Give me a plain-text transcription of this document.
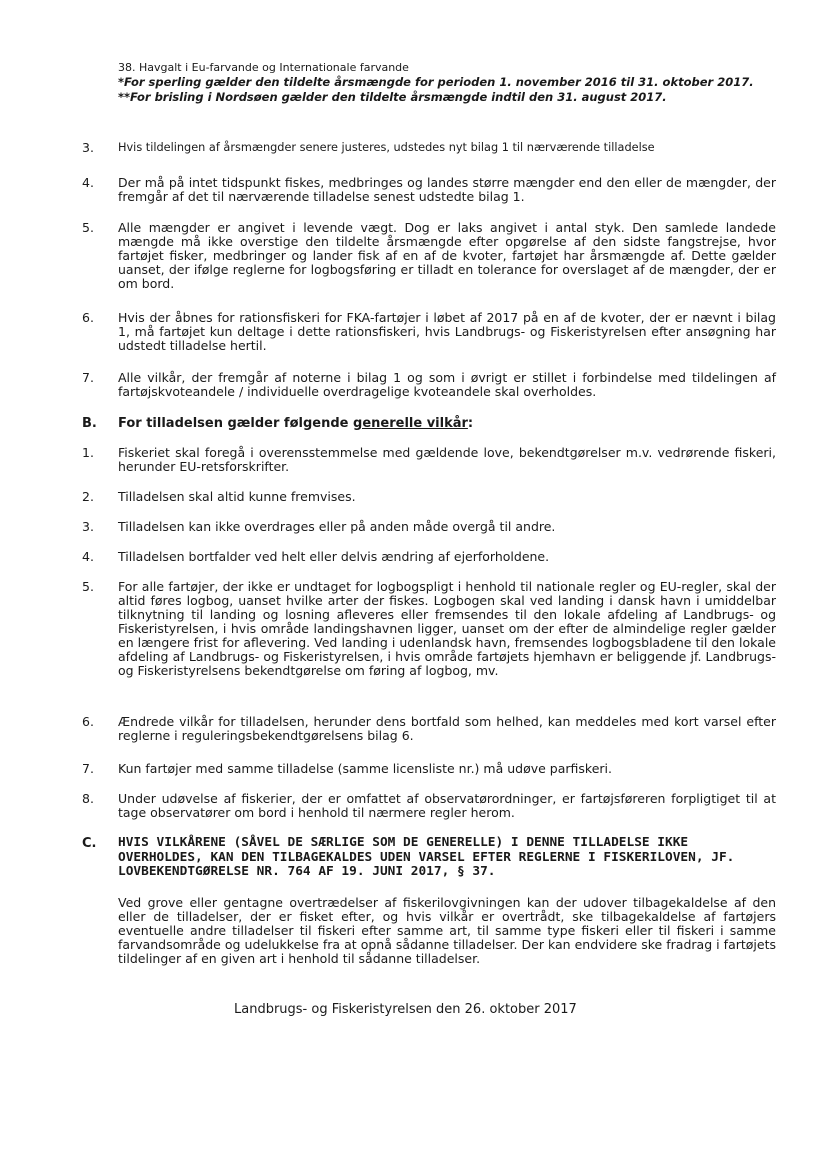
38. Havgalt i Eu-farvande og Internationale farvande
*For sperling gælder den tildelte årsmængde for perioden 1. november 2016 til 31. oktober 2017.
**For brisling i Nordsøen gælder den tildelte årsmængde indtil den 31. august 2017.
3.	Hvis tildelingen af årsmængder senere justeres, udstedes nyt bilag 1 til nærværende tilladelse
4.	Der må på intet tidspunkt fiskes, medbringes og landes større mængder end den eller de mængder, der fremgår af det til nærværende tilladelse senest udstedte bilag 1.
5.	Alle mængder er angivet i levende vægt. Dog er laks angivet i antal styk. Den samlede landede mængde må ikke overstige den tildelte årsmængde efter opgørelse af den sidste fangstrejse, hvor fartøjet fisker, medbringer og lander fisk af en af de kvoter, fartøjet har årsmængde af. Dette gælder uanset, der ifølge reglerne for logbogsføring er tilladt en tolerance for overslaget af de mængder, der er om bord.
6.	Hvis der åbnes for rationsfiskeri for FKA-fartøjer i løbet af 2017 på en af de kvoter, der er nævnt i bilag 1, må fartøjet kun deltage i dette rationsfiskeri, hvis Landbrugs- og Fiskeristyrelsen efter ansøgning har udstedt tilladelse hertil.
7.	Alle vilkår, der fremgår af noterne i bilag 1 og som i øvrigt er stillet i forbindelse med tildelingen af fartøjskvoteandele / individuelle overdragelige kvoteandele skal overholdes.
B.	For tilladelsen gælder følgende generelle vilkår:
1.	Fiskeriet skal foregå i overensstemmelse med gældende love, bekendtgørelser m.v. vedrørende fiskeri, herunder EU-retsforskrifter.
2.	Tilladelsen skal altid kunne fremvises.
3.	Tilladelsen kan ikke overdrages eller på anden måde overgå til andre.
4.	Tilladelsen bortfalder ved helt eller delvis ændring af ejerforholdene.
5.	For alle fartøjer, der ikke er undtaget for logbogspligt i henhold til nationale regler og EU-regler, skal der altid føres logbog, uanset hvilke arter der fiskes. Logbogen skal ved landing i dansk havn i umiddelbar tilknytning til landing og losning afleveres eller fremsendes til den lokale afdeling af Landbrugs- og Fiskeristyrelsen, i hvis område landingshavnen ligger, uanset om der efter de almindelige regler gælder en længere frist for aflevering. Ved landing i udenlandsk havn, fremsendes logbogsbladene til den lokale afdeling af Landbrugs- og Fiskeristyrelsen, i hvis område fartøjets hjemhavn er beliggende jf. Landbrugs- og Fiskeristyrelsens bekendtgørelse om føring af logbog, mv.
6.	Ændrede vilkår for tilladelsen, herunder dens bortfald som helhed, kan meddeles med kort varsel efter reglerne i reguleringsbekendtgørelsens bilag 6.
7.	Kun fartøjer med samme tilladelse (samme licensliste nr.) må udøve parfiskeri.
8.	Under udøvelse af fiskerier, der er omfattet af observatørordninger, er fartøjsføreren forpligtiget til at tage observatører om bord i henhold til nærmere regler herom.
C.	HVIS VILKÅRENE (SÅVEL DE SÆRLIGE SOM DE GENERELLE) I DENNE TILLADELSE IKKE OVERHOLDES, KAN DEN TILBAGEKALDES UDEN VARSEL EFTER REGLERNE I FISKERILOVEN, JF. LOVBEKENDTGØRELSE NR. 764 AF 19. JUNI 2017, § 37.
Ved grove eller gentagne overtrædelser af fiskerilovgivningen kan der udover tilbagekaldelse af den eller de tilladelser, der er fisket efter, og hvis vilkår er overtrådt, ske tilbagekaldelse af fartøjers eventuelle andre tilladelser til fiskeri efter samme art, til samme type fiskeri eller til fiskeri i samme farvandsområde og udelukkelse fra at opnå sådanne tilladelser. Der kan endvidere ske fradrag i fartøjets tildelinger af en given art i henhold til sådanne tilladelser.
Landbrugs- og Fiskeristyrelsen den 26. oktober 2017
